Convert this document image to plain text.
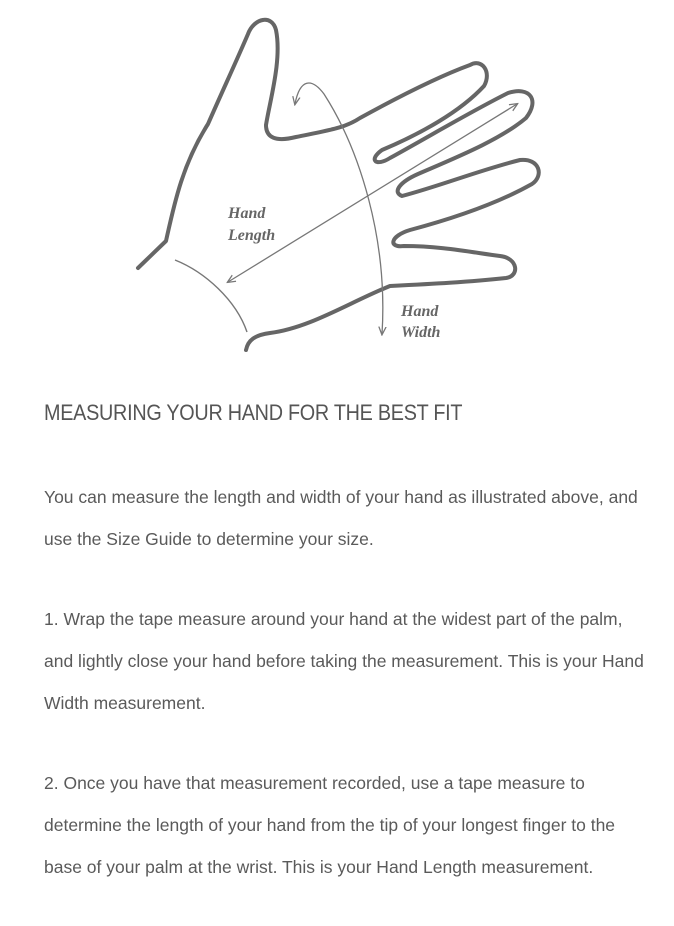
Hand Length
Hand Width
MEASURING YOUR HAND FOR THE BEST FIT

You can measure the length and width of your hand as illustrated above, and use the Size Guide to determine your size.

1. Wrap the tape measure around your hand at the widest part of the palm, and lightly close your hand before taking the measurement. This is your Hand Width measurement.

2. Once you have that measurement recorded, use a tape measure to determine the length of your hand from the tip of your longest finger to the base of your palm at the wrist. This is your Hand Length measurement.
